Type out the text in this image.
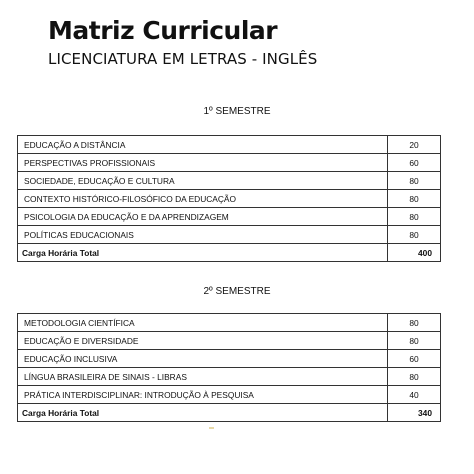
Matriz Curricular
LICENCIATURA EM LETRAS - INGLÊS
1º SEMESTRE
EDUCAÇÃO A DISTÂNCIA	20
PERSPECTIVAS PROFISSIONAIS	60
SOCIEDADE, EDUCAÇÃO E CULTURA	80
CONTEXTO HISTÓRICO-FILOSÓFICO DA EDUCAÇÃO	80
PSICOLOGIA DA EDUCAÇÃO E DA APRENDIZAGEM	80
POLÍTICAS EDUCACIONAIS	80
Carga Horária Total	400
2º SEMESTRE
METODOLOGIA CIENTÍFICA	80
EDUCAÇÃO E DIVERSIDADE	80
EDUCAÇÃO INCLUSIVA	60
LÍNGUA BRASILEIRA DE SINAIS - LIBRAS	80
PRÁTICA INTERDISCIPLINAR: INTRODUÇÃO À PESQUISA	40
Carga Horária Total	340
